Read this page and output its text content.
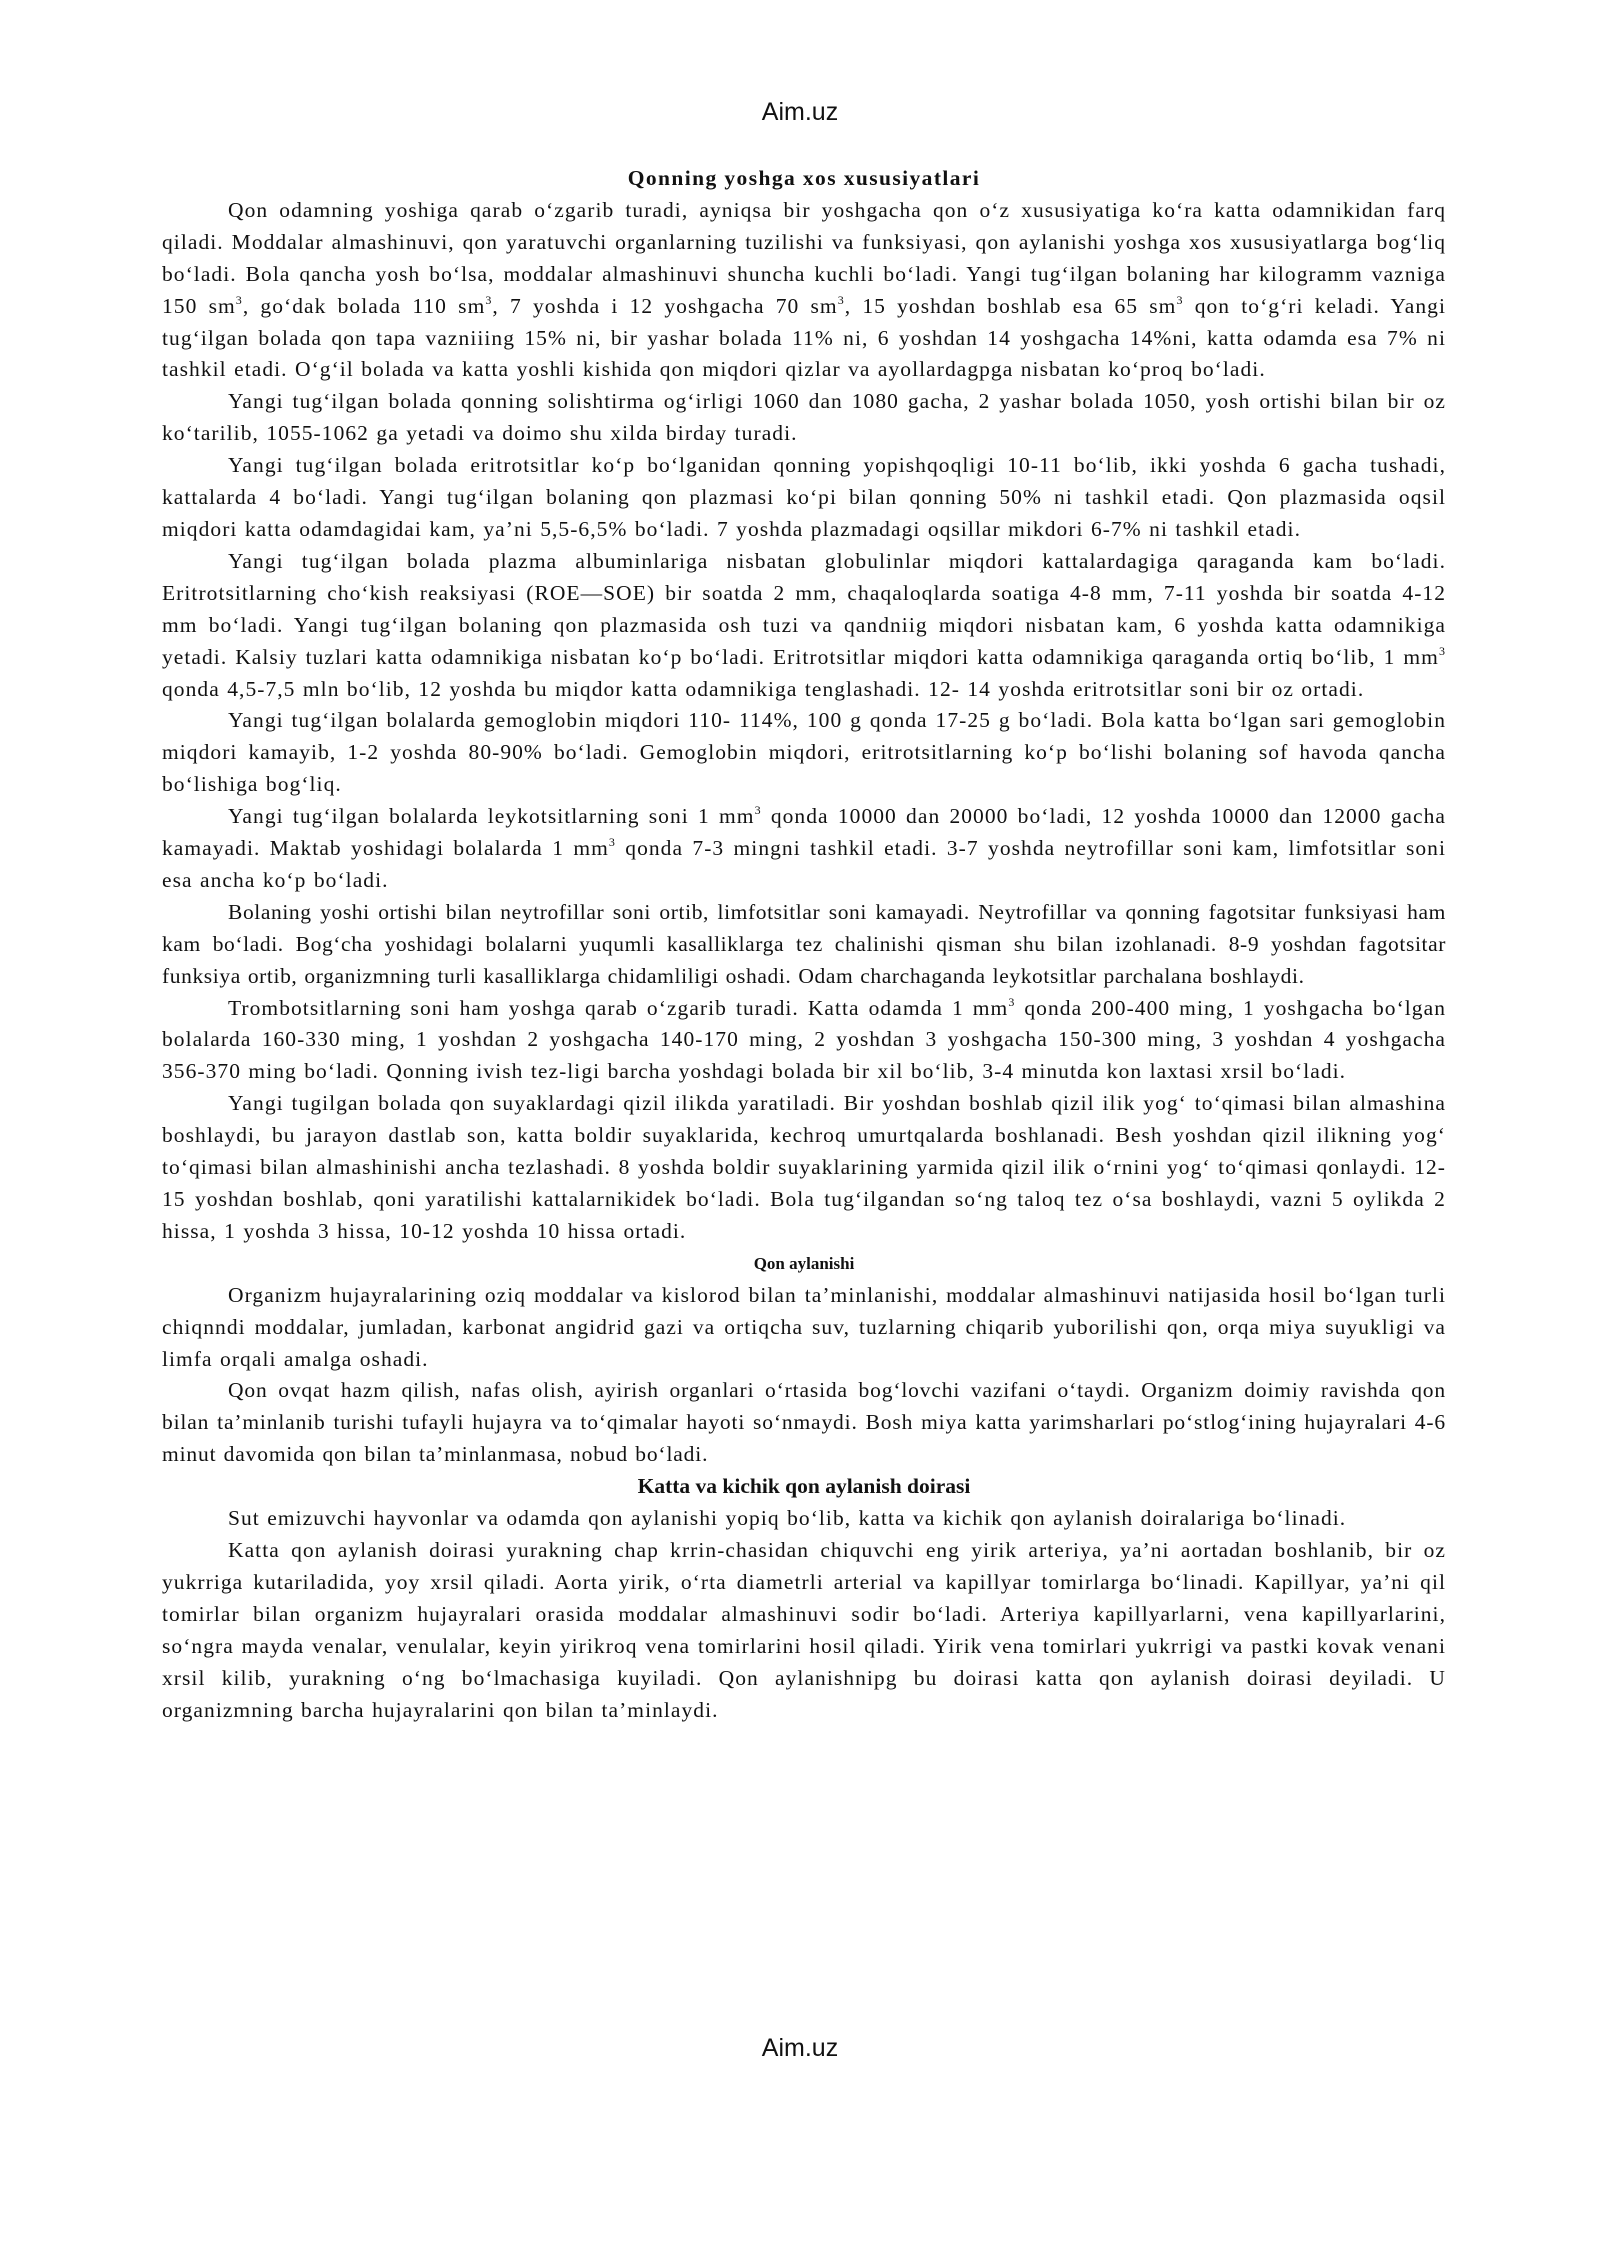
Aim.uz
Qonning yoshga xos xususiyatlari

Qon odamning yoshiga qarab o‘zgarib turadi, ayniqsa bir yoshgacha qon o‘z xususiyatiga ko‘ra katta odamnikidan farq qiladi. Moddalar almashinuvi, qon yaratuvchi organlarning tuzilishi va funksiyasi, qon aylanishi yoshga xos xususiyatlarga bog‘liq bo‘ladi. Bola qancha yosh bo‘lsa, moddalar almashinuvi shuncha kuchli bo‘ladi. Yangi tug‘ilgan bolaning har kilogramm vazniga 150 $sm^3$, go‘dak bolada 110 $sm^3$, 7 yoshda i 12 yoshgacha 70 $sm^3$, 15 yoshdan boshlab esa 65 $sm^3$ qon to‘g‘ri keladi. Yangi tug‘ilgan bolada qon tapa vazniiing 15% ni, bir yashar bolada 11% ni, 6 yoshdan 14 yoshgacha 14%ni, katta odamda esa 7% ni tashkil etadi. O‘g‘il bolada va katta yoshli kishida qon miqdori qizlar va ayollardagpga nisbatan ko‘proq bo‘ladi.

Yangi tug‘ilgan bolada qonning solishtirma og‘irligi 1060 dan 1080 gacha, 2 yashar bolada 1050, yosh ortishi bilan bir oz ko‘tarilib, 1055-1062 ga yetadi va doimo shu xilda birday turadi.

Yangi tug‘ilgan bolada eritrotsitlar ko‘p bo‘lganidan qonning yopishqoqligi 10-11 bo‘lib, ikki yoshda 6 gacha tushadi, kattalarda 4 bo‘ladi. Yangi tug‘ilgan bolaning qon plazmasi ko‘pi bilan qonning 50% ni tashkil etadi. Qon plazmasida oqsil miqdori katta odamdagidai kam, ya’ni 5,5-6,5% bo‘ladi. 7 yoshda plazmadagi oqsillar mikdori 6-7% ni tashkil etadi.

Yangi tug‘ilgan bolada plazma albuminlariga nisbatan globulinlar miqdori kattalardagiga qaraganda kam bo‘ladi. Eritrotsitlarning cho‘kish reaksiyasi (ROE—SOE) bir soatda 2 mm, chaqaloqlarda soatiga 4-8 mm, 7-11 yoshda bir soatda 4-12 mm bo‘ladi. Yangi tug‘ilgan bolaning qon plazmasida osh tuzi va qandniig miqdori nisbatan kam, 6 yoshda katta odamnikiga yetadi. Kalsiy tuzlari katta odamnikiga nisbatan ko‘p bo‘ladi. Eritrotsitlar miqdori katta odamnikiga qaraganda ortiq bo‘lib, 1 $mm^3$ qonda 4,5-7,5 mln bo‘lib, 12 yoshda bu miqdor katta odamnikiga tenglashadi. 12- 14 yoshda eritrotsitlar soni bir oz ortadi.

Yangi tug‘ilgan bolalarda gemoglobin miqdori 110- 114%, 100 g qonda 17-25 g bo‘ladi. Bola katta bo‘lgan sari gemoglobin miqdori kamayib, 1-2 yoshda 80-90% bo‘ladi. Gemoglobin miqdori, eritrotsitlarning ko‘p bo‘lishi bolaning sof havoda qancha bo‘lishiga bog‘liq.

Yangi tug‘ilgan bolalarda leykotsitlarning soni 1 $mm^3$ qonda 10000 dan 20000 bo‘ladi, 12 yoshda 10000 dan 12000 gacha kamayadi. Maktab yoshidagi bolalarda 1 $mm^3$ qonda 7-3 mingni tashkil etadi. 3-7 yoshda neytrofillar soni kam, limfotsitlar soni esa ancha ko‘p bo‘ladi.

Bolaning yoshi ortishi bilan neytrofillar soni ortib, limfotsitlar soni kamayadi. Neytrofillar va qonning fagotsitar funksiyasi ham kam bo‘ladi. Bog‘cha yoshidagi bolalarni yuqumli kasalliklarga tez chalinishi qisman shu bilan izohlanadi. 8-9 yoshdan fagotsitar funksiya ortib, organizmning turli kasalliklarga chidamliligi oshadi. Odam charchaganda leykotsitlar parchalana boshlaydi.

Trombotsitlarning soni ham yoshga qarab o‘zgarib turadi. Katta odamda 1 $mm^3$ qonda 200-400 ming, 1 yoshgacha bo‘lgan bolalarda 160-330 ming, 1 yoshdan 2 yoshgacha 140-170 ming, 2 yoshdan 3 yoshgacha 150-300 ming, 3 yoshdan 4 yoshgacha 356-370 ming bo‘ladi. Qonning ivish tez-ligi barcha yoshdagi bolada bir xil bo‘lib, 3-4 minutda kon laxtasi xrsil bo‘ladi.

Yangi tugilgan bolada qon suyaklardagi qizil ilikda yaratiladi. Bir yoshdan boshlab qizil ilik yog‘ to‘qimasi bilan almashina boshlaydi, bu jarayon dastlab son, katta boldir suyaklarida, kechroq umurtqalarda boshlanadi. Besh yoshdan qizil ilikning yog‘ to‘qimasi bilan almashinishi ancha tezlashadi. 8 yoshda boldir suyaklarining yarmida qizil ilik o‘rnini yog‘ to‘qimasi qonlaydi. 12-15 yoshdan boshlab, qoni yaratilishi kattalarnikidek bo‘ladi. Bola tug‘ilgandan so‘ng taloq tez o‘sa boshlaydi, vazni 5 oylikda 2 hissa, 1 yoshda 3 hissa, 10-12 yoshda 10 hissa ortadi.

Qon aylanishi

Organizm hujayralarining oziq moddalar va kislorod bilan ta’minlanishi, moddalar almashinuvi natijasida hosil bo‘lgan turli chiqnndi moddalar, jumladan, karbonat angidrid gazi va ortiqcha suv, tuzlarning chiqarib yuborilishi qon, orqa miya suyukligi va limfa orqali amalga oshadi.

Qon ovqat hazm qilish, nafas olish, ayirish organlari o‘rtasida bog‘lovchi vazifani o‘taydi. Organizm doimiy ravishda qon bilan ta’minlanib turishi tufayli hujayra va to‘qimalar hayoti so‘nmaydi. Bosh miya katta yarimsharlari po‘stlog‘ining hujayralari 4-6 minut davomida qon bilan ta’minlanmasa, nobud bo‘ladi.

Katta va kichik qon aylanish doirasi

Sut emizuvchi hayvonlar va odamda qon aylanishi yopiq bo‘lib, katta va kichik qon aylanish doiralariga bo‘linadi.

Katta qon aylanish doirasi yurakning chap krrin-chasidan chiquvchi eng yirik arteriya, ya’ni aortadan boshlanib, bir oz yukrriga kutariladida, yoy xrsil qiladi. Aorta yirik, o‘rta diametrli arterial va kapillyar tomirlarga bo‘linadi. Kapillyar, ya’ni qil tomirlar bilan organizm hujayralari orasida moddalar almashinuvi sodir bo‘ladi. Arteriya kapillyarlarni, vena kapillyarlarini, so‘ngra mayda venalar, venulalar, keyin yirikroq vena tomirlarini hosil qiladi. Yirik vena tomirlari yukrrigi va pastki kovak venani xrsil kilib, yurakning o‘ng bo‘lmachasiga kuyiladi. Qon aylanishnipg bu doirasi katta qon aylanish doirasi deyiladi. U organizmning barcha hujayralarini qon bilan ta’minlaydi.

Aim.uz
